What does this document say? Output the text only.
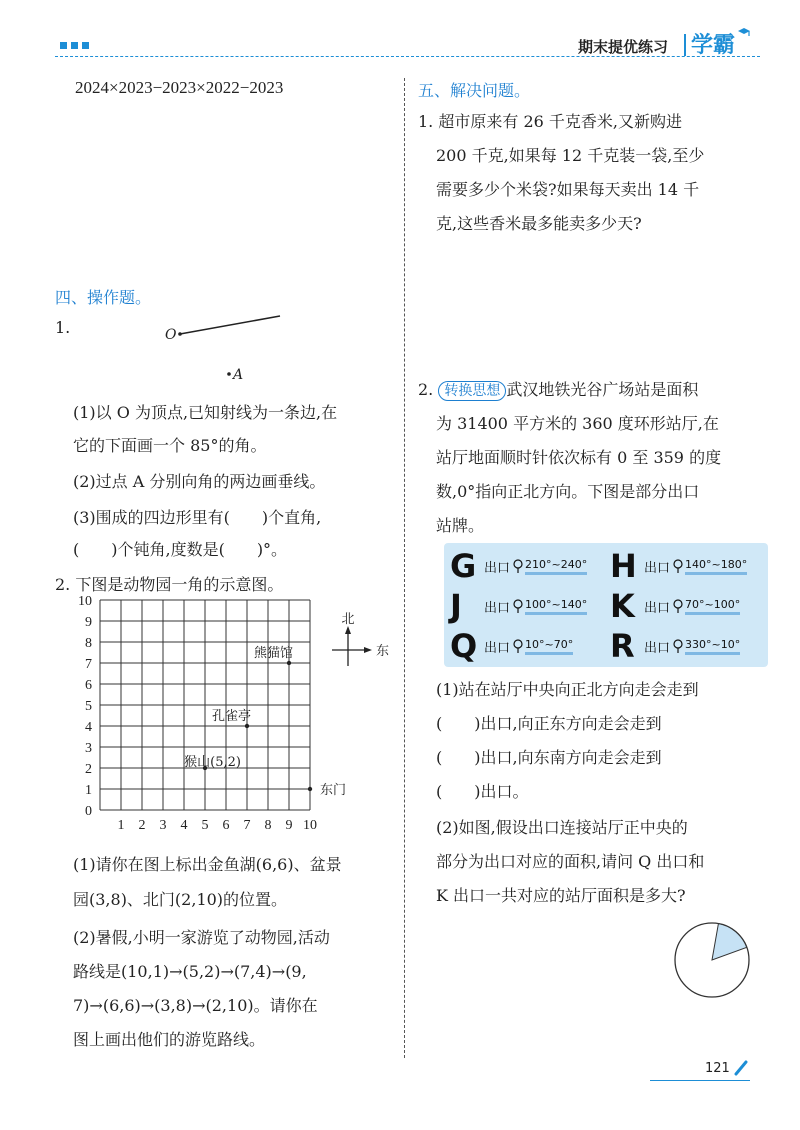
期末提优练习 学霸
2024×2023−2023×2022−2023
四、操作题。
1.	O
A
(1)以 O 为顶点,已知射线为一条边,在
它的下面画一个 85°的角。
(2)过点 A 分别向角的两边画垂线。
(3)围成的四边形里有(　　)个直角,
(　　)个钝角,度数是(　　)°。
2. 下图是动物园一角的示意图。
0
1
1
2
2
3
3
4
4
5
5
6
6
7
7
8
8
9
9
10
10
熊猫馆
孔雀亭
猴山(5,2)
东门
北
东
(1)请你在图上标出金鱼湖(6,6)、盆景
园(3,8)、北门(2,10)的位置。
(2)暑假,小明一家游览了动物园,活动
路线是(10,1)→(5,2)→(7,4)→(9,
7)→(6,6)→(3,8)→(2,10)。请你在
图上画出他们的游览路线。
五、解决问题。
1. 超市原来有 26 千克香米,又新购进
200 千克,如果每 12 千克装一袋,至少
需要多少个米袋?如果每天卖出 14 千
克,这些香米最多能卖多少天?
2. 转换思想 武汉地铁光谷广场站是面积
为 31400 平方米的 360 度环形站厅,在
站厅地面顺时针依次标有 0 至 359 的度
数,0°指向正北方向。下图是部分出口
站牌。
G 出口 210°~240° H 出口 140°~180°
J	出口 100°~140° K 出口 70°~100°
Q 出口 10°~70° R 出口 330°~10°
(1)站在站厅中央向正北方向走会走到
(　　)出口,向正东方向走会走到
(　　)出口,向东南方向走会走到
(　　)出口。
(2)如图,假设出口连接站厅正中央的
部分为出口对应的面积,请问 Q 出口和
K 出口一共对应的站厅面积是多大?
121
